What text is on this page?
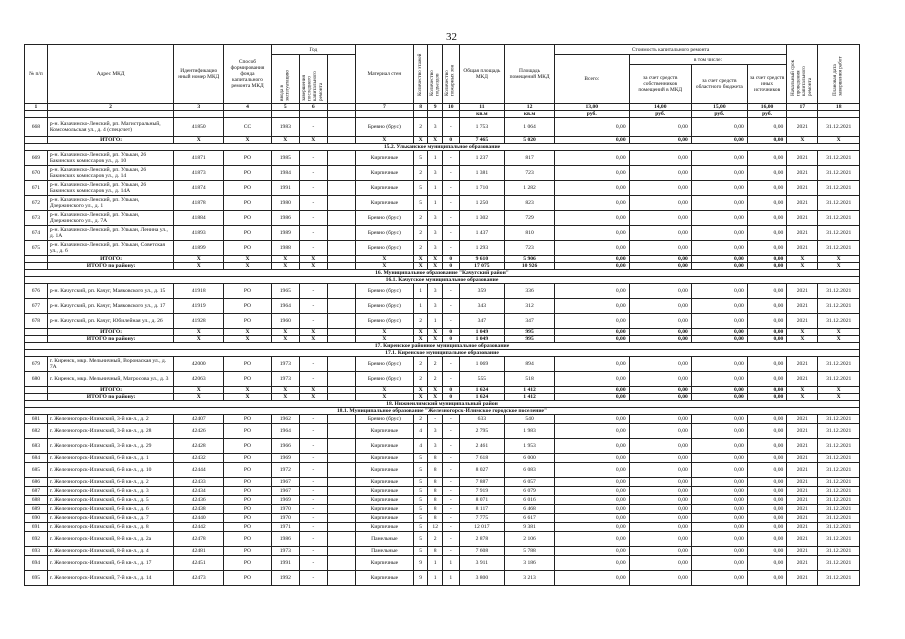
32
№ п/п	Адрес МКД	Идентификацио нный номер МКД	Способ формирования фонда капитального ремонта МКД	Год			Материал стен	Количество этажей	Количество подъездов	Количество пожарных зон	Общая площадь МКД	Площадь помещений МКД	Стоимость капитального ремонта				Начальный срок проведения капитального ремонта	Плановая дата завершения работ

				ввода в эксплуатацию	завершения последнего капитального ремонта								Всего:	в том числе:				
														за счет средств собственников помещений в МКД	за счет средств областного бюджета	за счет средств иных источников		
1	2	3	4	5	6		7	8	9	10	11	12	13,00	14,00	15,00	16,00	17	18
											кв.м	кв.м	руб.	руб.	руб.	руб.		
668	р-н. Казачинско-Ленский, рп. Магистральный, Комсомольская ул., д. 4 (спецсчет)	41850	СС	1983	-		Брeвно (брус)	2	3	-	1 753	1 064	0,00	0,00	0,00	0,00	2021	31.12.2021
	ИТОГО:	Х	Х	Х	Х		Х	Х	Х	0	7 465	5 020	0,00	0,00	0,00	0,00	Х	Х
15.2. Ульканское муниципальное образование																		
669	р-н. Казачинско-Ленский, рп. Улькан, 26 Бакинских комиссаров ул., д. 10	41871	РО	1985	-		Кирпичные	5	1	-	1 237	817	0,00	0,00	0,00	0,00	2021	31.12.2021
670	р-н. Казачинско-Ленский, рп. Улькан, 26 Бакинских комиссаров ул., д. 14	41873	РО	1984	-		Кирпичные	2	3	-	1 381	723	0,00	0,00	0,00	0,00	2021	31.12.2021
671	р-н. Казачинско-Ленский, рп. Улькан, 26 Бакинских комиссаров ул., д. 14А	41874	РО	1991	-		Кирпичные	5	1	-	1 710	1 282	0,00	0,00	0,00	0,00	2021	31.12.2021
672	р-н. Казачинско-Ленский, рп. Улькан, Дзержинского ул., д. 1	41878	РО	1980	-		Кирпичные	5	1	-	1 250	823	0,00	0,00	0,00	0,00	2021	31.12.2021
673	р-н. Казачинско-Ленский, рп. Улькан, Дзержинского ул., д. 7А	41884	РО	1986	-		Брeвно (брус)	2	3	-	1 302	729	0,00	0,00	0,00	0,00	2021	31.12.2021
674	р-н. Казачинско-Ленский, рп. Улькан, Ленина ул., д. 1А	41893	РО	1989	-		Брeвно (брус)	2	3	-	1 437	810	0,00	0,00	0,00	0,00	2021	31.12.2021
675	р-н. Казачинско-Ленский, рп. Улькан, Советская ул., д. 6	41899	РО	1988	-		Брeвно (брус)	2	3	-	1 293	723	0,00	0,00	0,00	0,00	2021	31.12.2021
	ИТОГО:	Х	Х	Х	Х		Х	Х	Х	0	9 610	5 906	0,00	0,00	0,00	0,00	Х	Х
	ИТОГО по району:	Х	Х	Х	Х		Х	Х	Х	0	17 075	10 926	0,00	0,00	0,00	0,00	Х	Х
16. Муниципальное образование "Качугский район"																		
16.1. Качугское муниципальное образование																		
676	р-н. Качугский, рп. Качуг, Маяковского ул., д. 15	41918	РО	1965	-		Брeвно (брус)	1	3	-	359	336	0,00	0,00	0,00	0,00	2021	31.12.2021
677	р-н. Качугский, рп. Качуг, Маяковского ул., д. 17	41919	РО	1964	-		Брeвно (брус)	1	3	-	343	312	0,00	0,00	0,00	0,00	2021	31.12.2021
678	р-н. Качугский, рп. Качуг, Юбилейная ул., д. 26	41928	РО	1960	-		Брeвно (брус)	2	1	-	347	347	0,00	0,00	0,00	0,00	2021	31.12.2021
	ИТОГО:	Х	Х	Х	Х		Х	Х	Х	0	1 049	995	0,00	0,00	0,00	0,00	Х	Х
	ИТОГО по району:	Х	Х	Х	Х		Х	Х	Х	0	1 049	995	0,00	0,00	0,00	0,00	Х	Х
17. Киренское районное муниципальное образование																		
17.1. Киренское муниципальное образование																		
679	г. Киренск, мкр. Мельничный, Воронаская ул., д. 7А	42000	РО	1973	-		Брeвно (брус)	2	2	-	1 069	894	0,00	0,00	0,00	0,00	2021	31.12.2021
680	г. Киренск, мкр. Мельничный, Матросова ул., д. 3	42063	РО	1973	-		Брeвно (брус)	2	2	-	555	518	0,00	0,00	0,00	0,00	2021	31.12.2021
	ИТОГО:	Х	Х	Х	Х		Х	Х	Х	0	1 624	1 412	0,00	0,00	0,00	0,00	Х	Х
	ИТОГО по району:	Х	Х	Х	Х		Х	Х	Х	0	1 624	1 412	0,00	0,00	0,00	0,00	Х	Х
18. Нижнеилимский муниципальный район																		
18.1. Муниципальное образование "Железногорск-Илимское городское поселение"																		
681	г. Железногорск-Илимский, 3-й кв-л., д. 2	42407	РО	1962	-		Брeвно (брус)	2	-	-	633	540	0,00	0,00	0,00	0,00	2021	31.12.2021
682	г. Железногорск-Илимский, 3-й кв-л., д. 28	42426	РО	1964	-		Кирпичные	4	3	-	2 795	1 983	0,00	0,00	0,00	0,00	2021	31.12.2021
683	г. Железногорск-Илимский, 3-й кв-л., д. 29	42428	РО	1966	-		Кирпичные	4	3	-	2 461	1 953	0,00	0,00	0,00	0,00	2021	31.12.2021
684	г. Железногорск-Илимский, 6-й кв-л., д. 1	42432	РО	1969	-		Кирпичные	5	8	-	7 618	6 000	0,00	0,00	0,00	0,00	2021	31.12.2021
685	г. Железногорск-Илимский, 6-й кв-л., д. 10	42444	РО	1972	-		Кирпичные	5	8	-	8 027	6 083	0,00	0,00	0,00	0,00	2021	31.12.2021
686	г. Железногорск-Илимский, 6-й кв-л., д. 2	42433	РО	1967	-		Кирпичные	5	8	-	7 887	6 057	0,00	0,00	0,00	0,00	2021	31.12.2021
687	г. Железногорск-Илимский, 6-й кв-л., д. 3	42434	РО	1967	-		Кирпичные	5	8	-	7 919	6 079	0,00	0,00	0,00	0,00	2021	31.12.2021
688	г. Железногорск-Илимский, 6-й кв-л., д. 5	42436	РО	1969	-		Кирпичные	5	8	-	8 071	6 016	0,00	0,00	0,00	0,00	2021	31.12.2021
689	г. Железногорск-Илимский, 6-й кв-л., д. 6	42438	РО	1970	-		Кирпичные	5	8	-	8 117	6 468	0,00	0,00	0,00	0,00	2021	31.12.2021
690	г. Железногорск-Илимский, 6-й кв-л., д. 7	42440	РО	1970	-		Кирпичные	5	8	-	7 775	6 617	0,00	0,00	0,00	0,00	2021	31.12.2021
691	г. Железногорск-Илимский, 6-й кв-л., д. 8	42442	РО	1971	-		Кирпичные	5	12	-	12 017	9 381	0,00	0,00	0,00	0,00	2021	31.12.2021
692	г. Железногорск-Илимский, 8-й кв-л., д. 2а	42478	РО	1986	-		Панельные	5	2	-	2 878	2 106	0,00	0,00	0,00	0,00	2021	31.12.2021
693	г. Железногорск-Илимский, 8-й кв-л., д. 4	42481	РО	1973	-		Панельные	5	8	-	7 608	5 788	0,00	0,00	0,00	0,00	2021	31.12.2021
694	г. Железногорск-Илимский, 6-й кв-л., д. 17	42451	РО	1991	-		Кирпичные	9	1	1	3 911	3 186	0,00	0,00	0,00	0,00	2021	31.12.2021
695	г. Железногорск-Илимский, 7-й кв-л., д. 14	42473	РО	1992	-		Кирпичные	9	1	1	3 800	3 213	0,00	0,00	0,00	0,00	2021	31.12.2021
